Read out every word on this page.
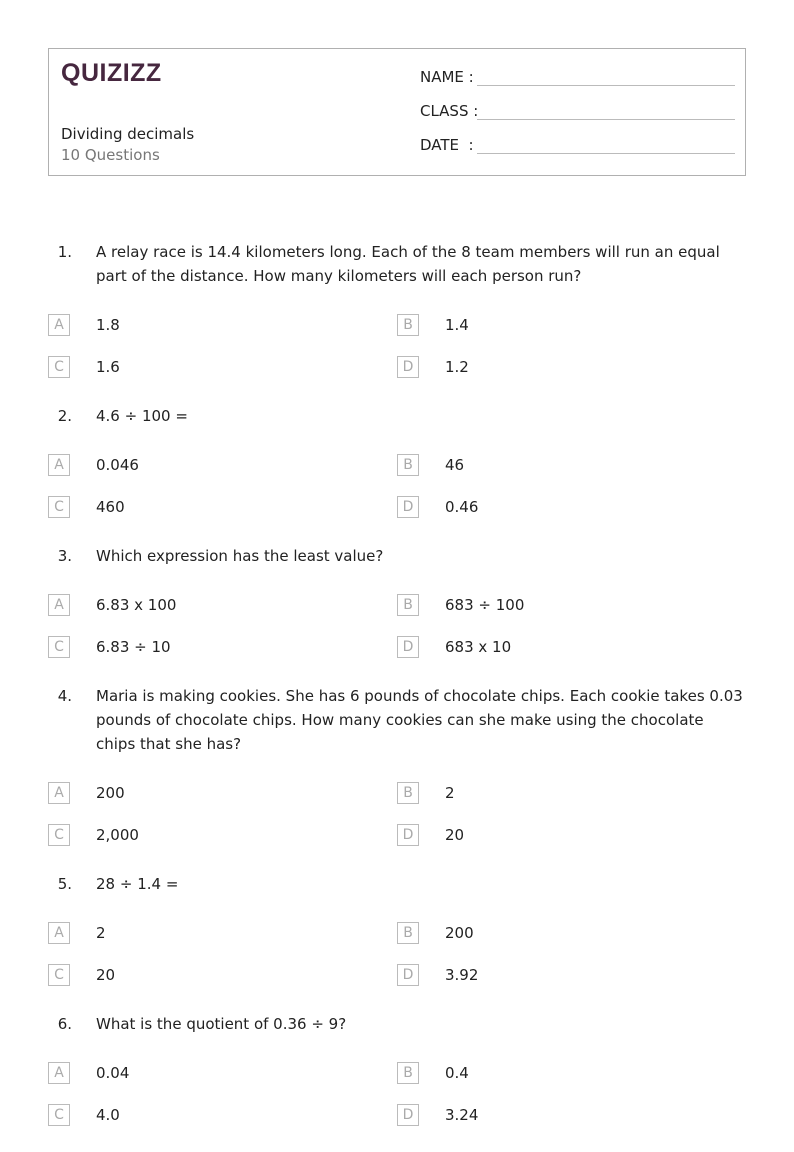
QUIZIZZ
Dividing decimals
10 Questions
NAME :
CLASS :
DATE  :
1.	A relay race is 14.4 kilometers long. Each of the 8 team members will run an equal part of the distance. How many kilometers will each person run?
A	1.8	B	1.4
C	1.6	D	1.2
2.	4.6 ÷ 100 =
A	0.046	B	46
C	460	D	0.46
3.	Which expression has the least value?
A	6.83 x 100	B	683 ÷ 100
C	6.83 ÷ 10	D	683 x 10
4.	Maria is making cookies. She has 6 pounds of chocolate chips. Each cookie takes 0.03 pounds of chocolate chips. How many cookies can she make using the chocolate chips that she has?
A	200	B	2
C	2,000	D	20
5.	28 ÷ 1.4 =
A	2	B	200
C	20	D	3.92
6.	What is the quotient of 0.36 ÷ 9?
A	0.04	B	0.4
C	4.0	D	3.24
